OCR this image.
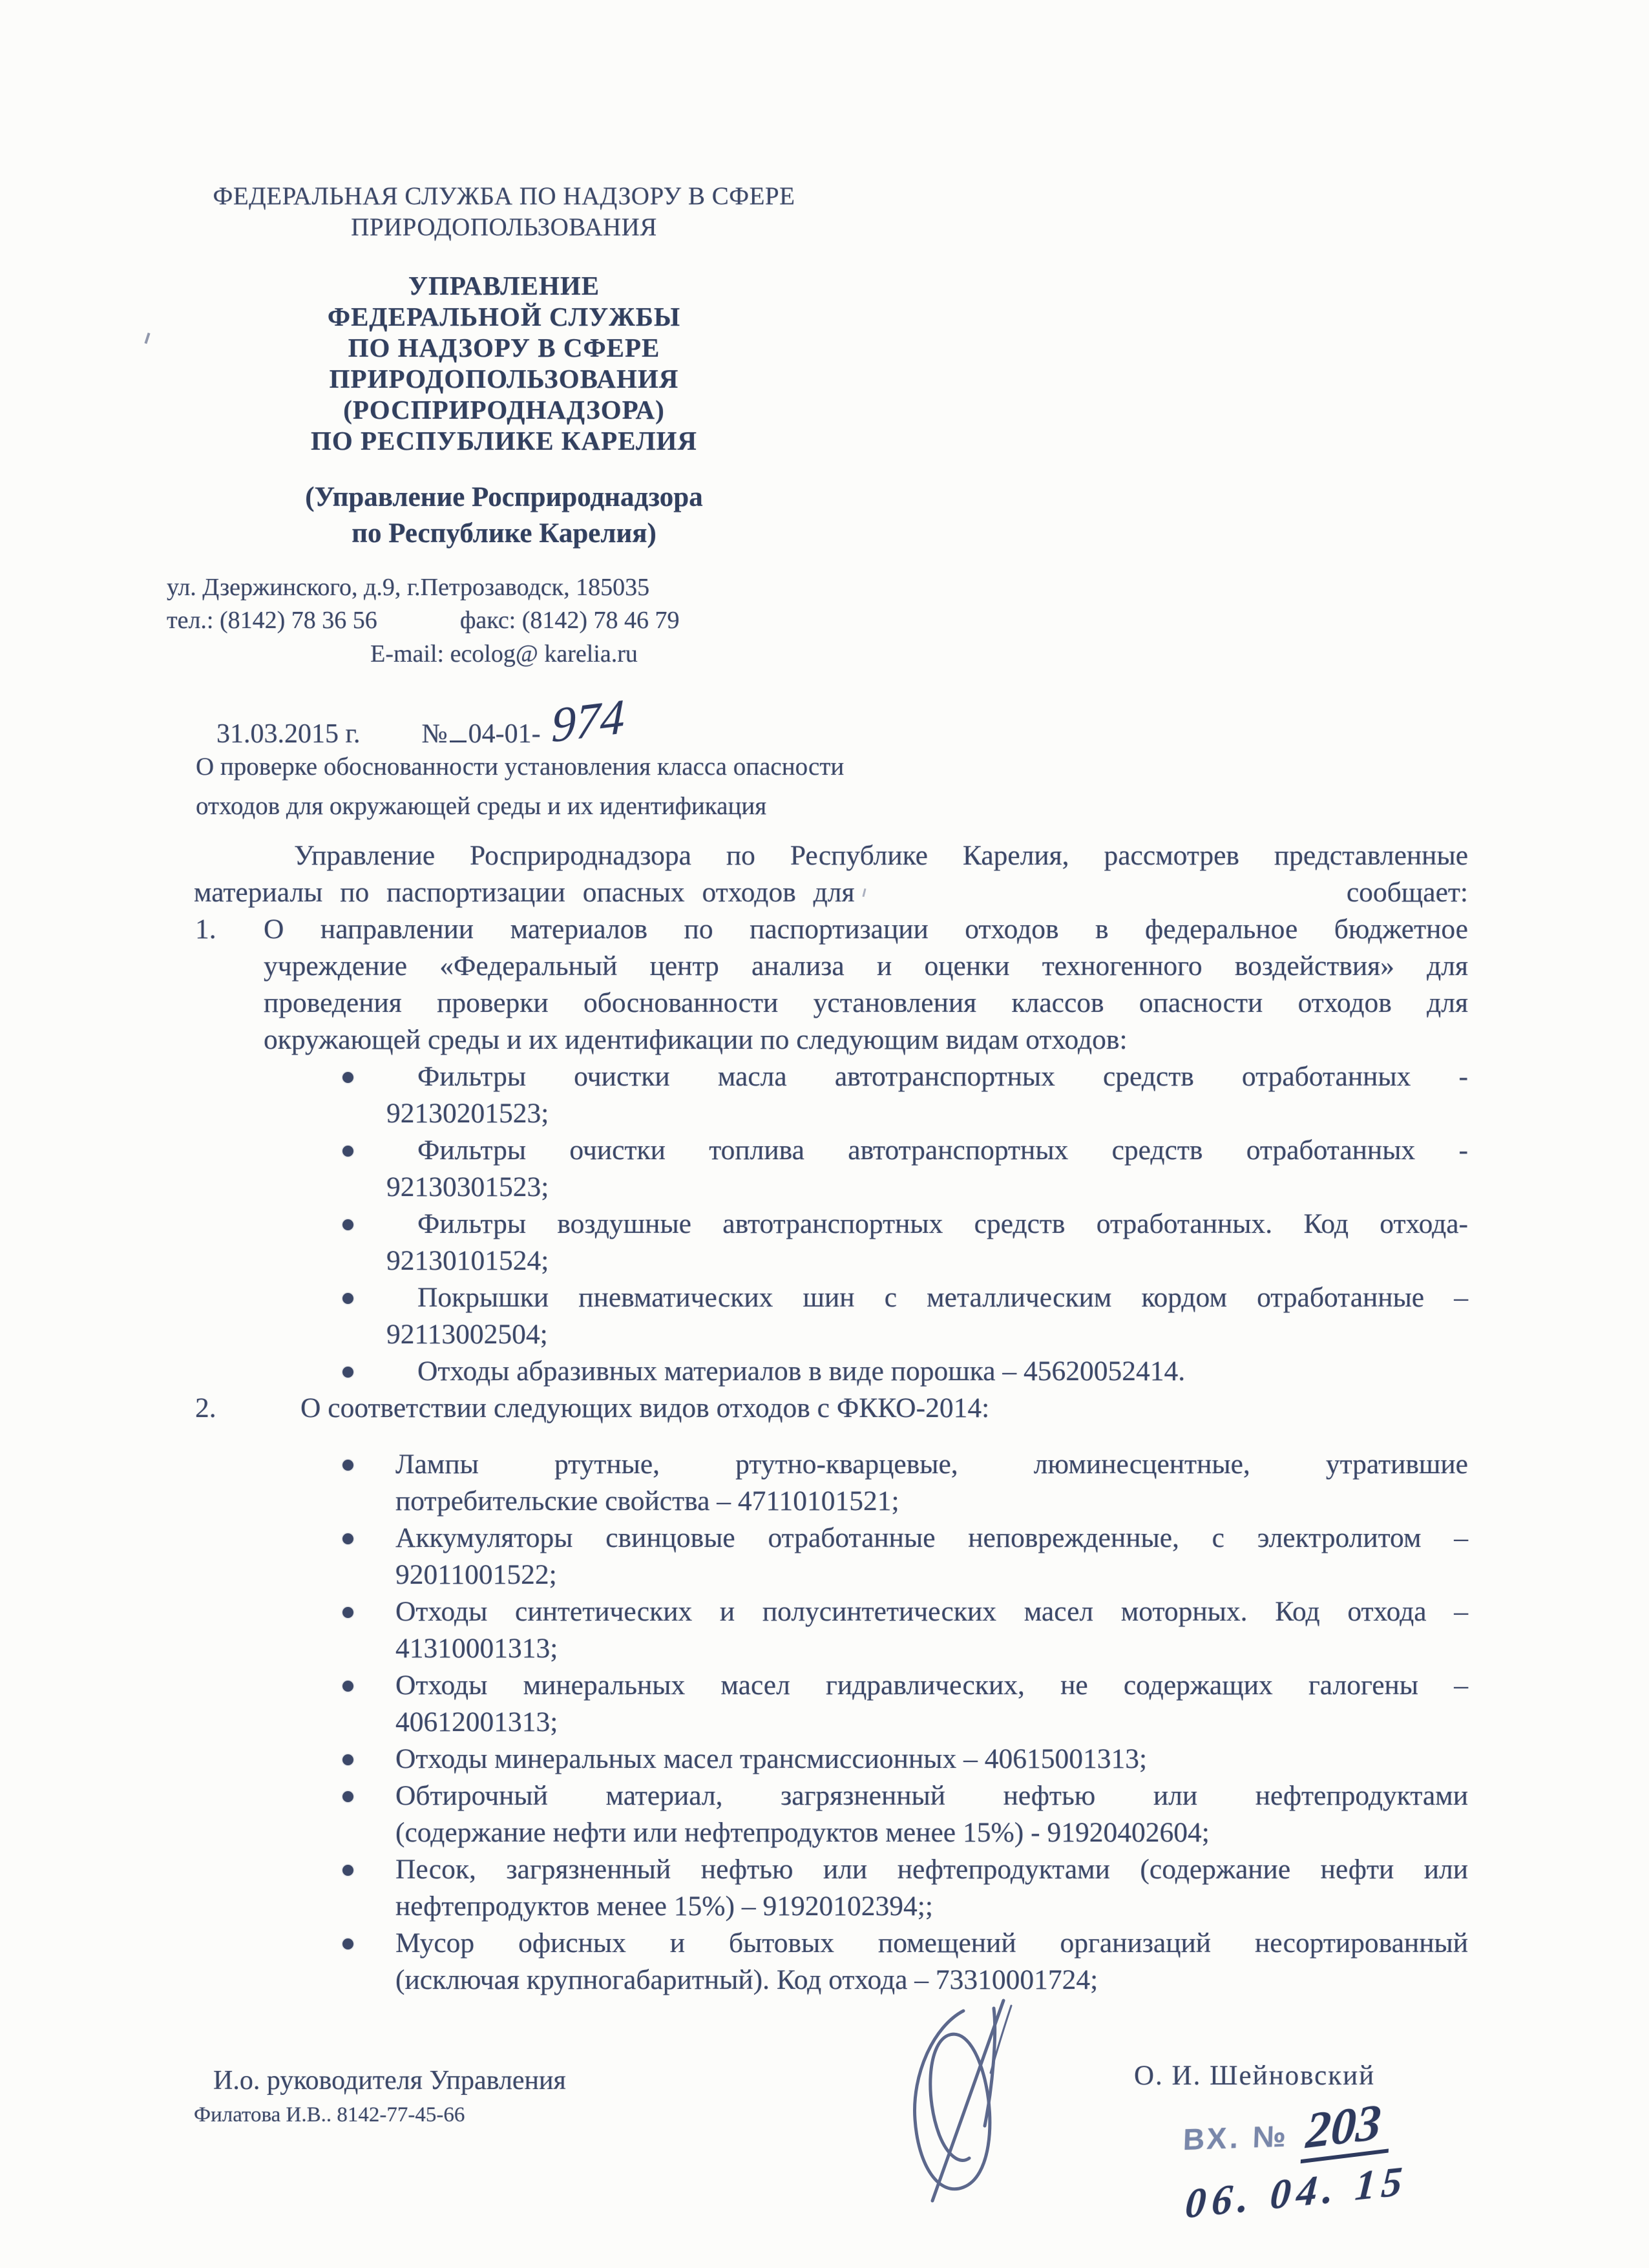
ФЕДЕРАЛЬНАЯ СЛУЖБА ПО НАДЗОРУ В СФЕРЕ
ПРИРОДОПОЛЬЗОВАНИЯ
УПРАВЛЕНИЕ
ФЕДЕРАЛЬНОЙ СЛУЖБЫ
ПО НАДЗОРУ В СФЕРЕ
ПРИРОДОПОЛЬЗОВАНИЯ
(РОСПРИРОДНАДЗОРА)
ПО РЕСПУБЛИКЕ КАРЕЛИЯ
(Управление Росприроднадзора
по Республике Карелия)
ул. Дзержинского, д.9, г.Петрозаводск, 185035
тел.: (8142) 78 36 56	факс: (8142) 78 46 79
E-mail: ecolog@ karelia.ru
31.03.2015 г. № 04-01- 974
О проверке обоснованности установления класса опасности
отходов для окружающей среды и их идентификация
Управление Росприроднадзора по Республике Карелия, рассмотрев представленные
материалы по паспортизации опасных отходов для	сообщает:
1.	О направлении материалов по паспортизации отходов в федеральное бюджетное
учреждение «Федеральный центр анализа и оценки техногенного воздействия» для
проведения проверки обоснованности установления классов опасности отходов для
окружающей среды и их идентификации по следующим видам отходов:
Фильтры очистки масла автотранспортных средств отработанных -
92130201523;
Фильтры очистки топлива автотранспортных средств отработанных -
92130301523;
Фильтры воздушные автотранспортных средств отработанных. Код отхода-
92130101524;
Покрышки пневматических шин с металлическим кордом отработанные –
92113002504;
Отходы абразивных материалов в виде порошка – 45620052414.
2.	О соответствии следующих видов отходов с ФККО-2014:
Лампы ртутные, ртутно-кварцевые, люминесцентные, утратившие
потребительские свойства – 47110101521;
Аккумуляторы свинцовые отработанные неповрежденные, с электролитом –
92011001522;
Отходы синтетических и полусинтетических масел моторных. Код отхода –
41310001313;
Отходы минеральных масел гидравлических, не содержащих галогены –
40612001313;
Отходы минеральных масел трансмиссионных – 40615001313;
Обтирочный материал, загрязненный нефтью или нефтепродуктами
(содержание нефти или нефтепродуктов менее 15%) - 91920402604;
Песок, загрязненный нефтью или нефтепродуктами (содержание нефти или
нефтепродуктов менее 15%) – 91920102394;;
Мусор офисных и бытовых помещений организаций несортированный
(исключая крупногабаритный). Код отхода – 73310001724;
И.о. руководителя Управления
Филатова И.В.. 8142-77-45-66
О. И. Шейновский
ВХ. № 203
06. 04. 15
